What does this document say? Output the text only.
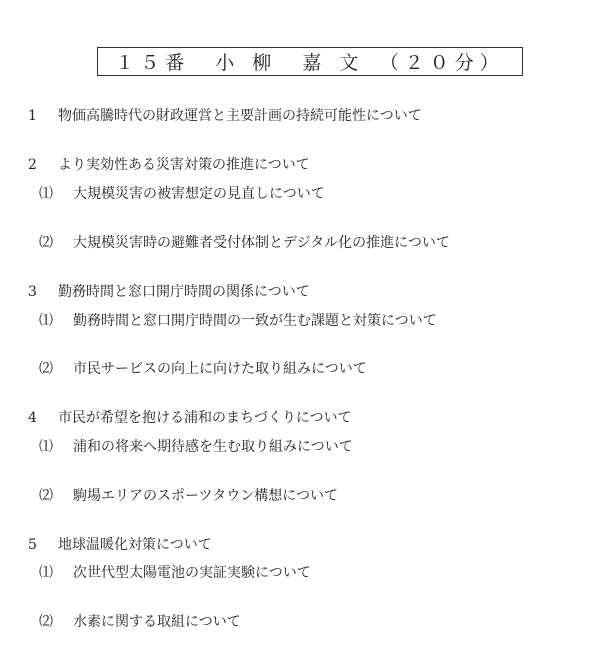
１５番　小 柳　嘉 文　（２０分）
1 物価高騰時代の財政運営と主要計画の持続可能性について
2 より実効性ある災害対策の推進について
⑴ 大規模災害の被害想定の見直しについて
⑵ 大規模災害時の避難者受付体制とデジタル化の推進について
3 勤務時間と窓口開庁時間の関係について
⑴ 勤務時間と窓口開庁時間の一致が生む課題と対策について
⑵ 市民サービスの向上に向けた取り組みについて
4 市民が希望を抱ける浦和のまちづくりについて
⑴ 浦和の将来へ期待感を生む取り組みについて
⑵ 駒場エリアのスポーツタウン構想について
5 地球温暖化対策について
⑴ 次世代型太陽電池の実証実験について
⑵ 水素に関する取組について
